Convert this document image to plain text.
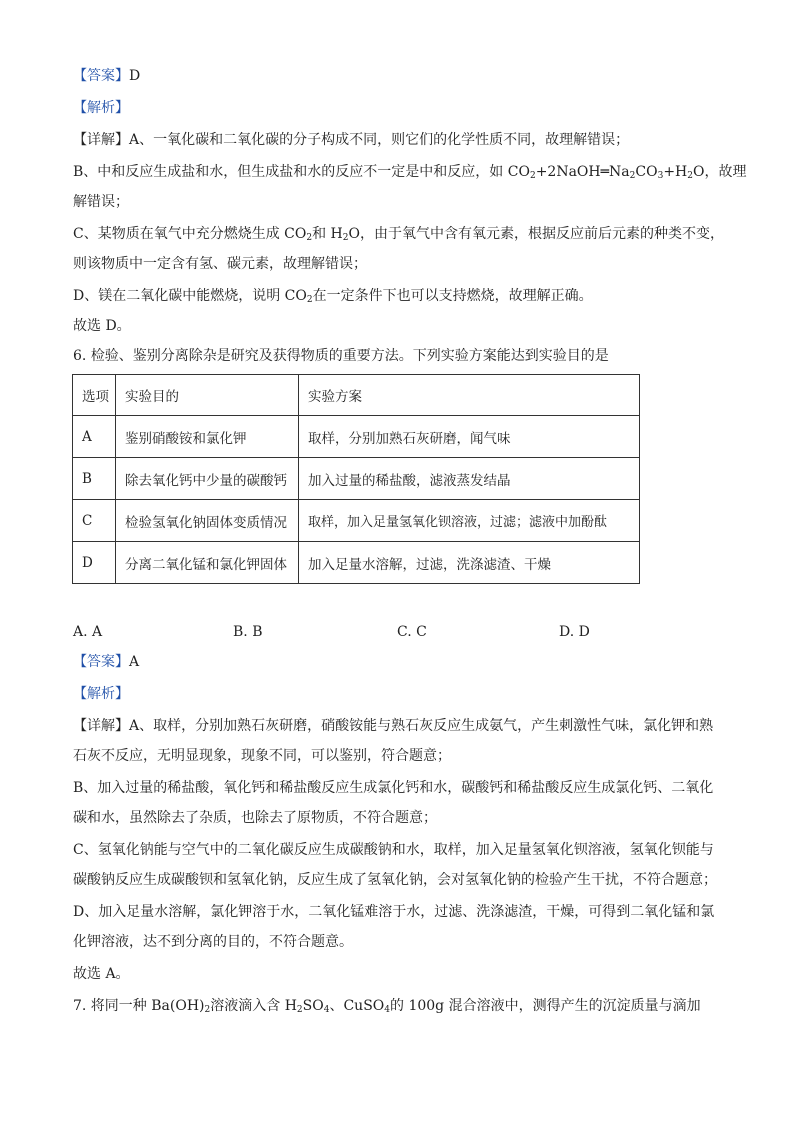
【答案】D
【解析】
【详解】A、一氧化碳和二氧化碳的分子构成不同，则它们的化学性质不同，故理解错误；
B、中和反应生成盐和水，但生成盐和水的反应不一定是中和反应，如 $CO_2+2NaOH═Na_2CO_3+H_2O$，故理
解错误；
C、某物质在氧气中充分燃烧生成 $CO_2$和 $H_2O$，由于氧气中含有氧元素，根据反应前后元素的种类不变，
则该物质中一定含有氢、碳元素，故理解错误；
D、镁在二氧化碳中能燃烧，说明 $CO_2$在一定条件下也可以支持燃烧，故理解正确。
故选 D。
6. 检验、鉴别分离除杂是研究及获得物质的重要方法。下列实验方案能达到实验目的是
选项	实验目的	实验方案
A	鉴别硝酸铵和氯化钾	取样，分别加熟石灰研磨，闻气味
B	除去氧化钙中少量的碳酸钙	加入过量的稀盐酸，滤液蒸发结晶
C	检验氢氧化钠固体变质情况	取样，加入足量氢氧化钡溶液，过滤；滤液中加酚酞
D	分离二氧化锰和氯化钾固体	加入足量水溶解，过滤，洗涤滤渣、干燥
A. A	B. B	C. C	D. D
【答案】A
【解析】
【详解】A、取样，分别加熟石灰研磨，硝酸铵能与熟石灰反应生成氨气，产生刺激性气味，氯化钾和熟
石灰不反应，无明显现象，现象不同，可以鉴别，符合题意；
B、加入过量的稀盐酸，氧化钙和稀盐酸反应生成氯化钙和水，碳酸钙和稀盐酸反应生成氯化钙、二氧化
碳和水，虽然除去了杂质，也除去了原物质，不符合题意；
C、氢氧化钠能与空气中的二氧化碳反应生成碳酸钠和水，取样，加入足量氢氧化钡溶液，氢氧化钡能与
碳酸钠反应生成碳酸钡和氢氧化钠，反应生成了氢氧化钠，会对氢氧化钠的检验产生干扰，不符合题意；
D、加入足量水溶解，氯化钾溶于水，二氧化锰难溶于水，过滤、洗涤滤渣，干燥，可得到二氧化锰和氯
化钾溶液，达不到分离的目的，不符合题意。
故选 A。
7. 将同一种 $Ba(OH)_2$溶液滴入含 $H_2SO_4$、CuSO$_4$的 100g 混合溶液中，测得产生的沉淀质量与滴加
